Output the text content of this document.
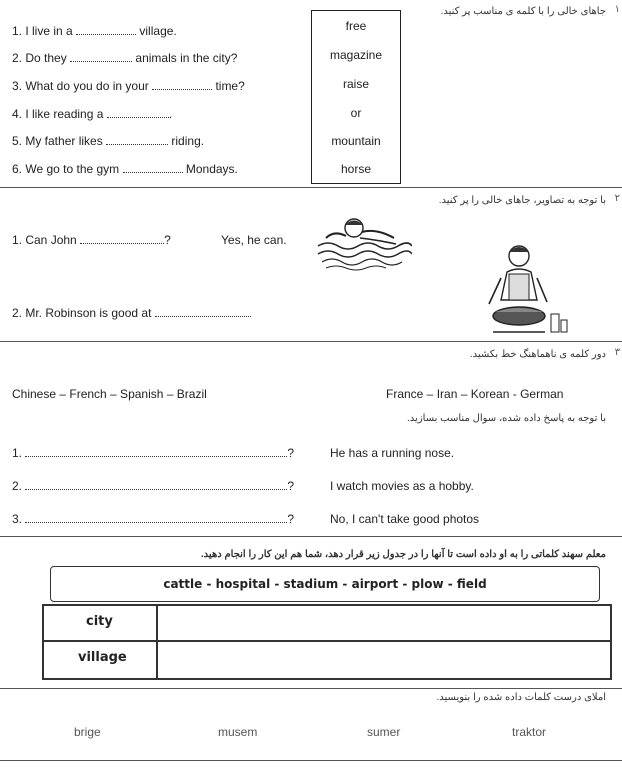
جاهای خالی را با کلمه ی مناسب پر کنید. ١
1. I live in a	village.
2. Do they	animals in the city?
3. What do you do in your	time?
4. I like reading a	.
5. My father likes	riding.
6. We go to the gym	Mondays.
free
magazine
raise
or
mountain
horse
با توجه به تصاویر، جاهای خالی را پر کنید. ٢
1. Can John	?	Yes, he can.
2. Mr. Robinson is good at
دور کلمه ی ناهماهنگ خط بکشید. ٣
Chinese – French – Spanish – Brazil	France – Iran – Korean - German
با توجه به پاسخ داده شده، سوال مناسب بسازید.
1.	?	He has a running nose.
2.	?	I watch movies as a hobby.
3.	?	No, I can't take good photos
معلم سهند کلماتی را به او داده است تا آنها را در جدول زیر قرار دهد، شما هم این کار را انجام دهید.
cattle - hospital - stadium - airport - plow - field
city
village
املای درست کلمات داده شده را بنویسید.
brige	musem	sumer	traktor
